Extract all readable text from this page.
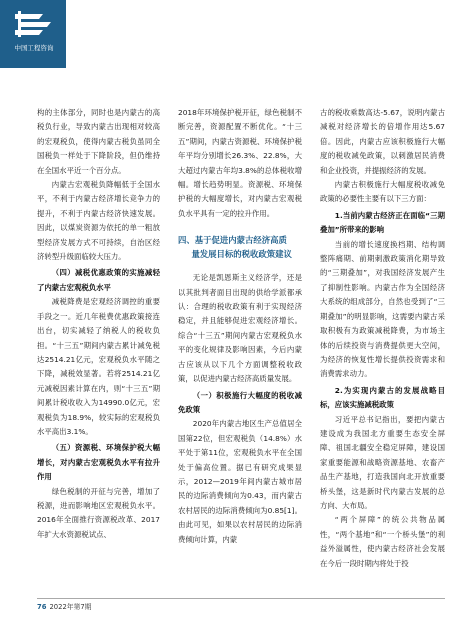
中国工程咨询

构的主体部分，同时也是内蒙古的高税负行业，导致内蒙古出现相对较高的宏观税负，使得内蒙古税负虽同全国税负一样处于下降阶段，但仍维持在全国水平近一个百分点。

内蒙古宏观税负降幅低于全国水平，不利于内蒙古经济增长竞争力的提升，不利于内蒙古经济快速发展。因此，以煤炭资源为依托的单一粗放型经济发展方式不可持续，自治区经济转型升级面临较大压力。

（四）减税优惠政策的实施减轻了内蒙古宏观税负水平

减税降费是宏观经济调控的重要手段之一。近几年税费优惠政策接连出台，切实减轻了纳税人的税收负担。“十三五”期间内蒙古累计减免税达2514.21亿元，宏观税负水平随之下降，减税效显著。若将2514.21亿元减税因素计算在内，则“十三五”期间累计税收收入为14990.0亿元，宏观税负为18.9%，较实际的宏观税负水平高出3.1%。

（五）资源税、环境保护税大幅增长，对内蒙古宏观税负水平有拉升作用

绿色税制的开征与完善，增加了税源，进而影响地区宏观税负水平。2016年全面推行资源税改革、2017年扩大水资源税试点、

2018年环境保护税开征，绿色税制不断完善，资源配置不断优化。“十三五”期间，内蒙古资源税、环境保护税年平均分别增长26.3%、22.8%，大大超过内蒙古年均3.8%的总体税收增幅。增长趋势明显。资源税、环境保护税的大幅度增长，对内蒙古宏观税负水平具有一定的拉升作用。

四、基于促进内蒙古经济高质
量发展目标的税收政策建议

无论是凯恩斯主义经济学，还是以其批判者面目出现的供给学派都承认：合理的税收政策有利于实现经济稳定，并且能够促进宏观经济增长。综合“十三五”期间内蒙古宏观税负水平的变化规律及影响因素，今后内蒙古应该从以下几个方面调整税收政策，以促进内蒙古经济高质量发展。

（一）积极施行大幅度的税收减免政策

2020年内蒙古地区生产总值居全国第22位，但宏观税负（14.8%）水平处于第11位，宏观税负水平在全国处于偏高位置。据已有研究成果显示，2012—2019年间内蒙古城市居民的边际消费倾向为0.43，而内蒙古农村居民的边际消费倾向为0.85[1]。由此可见，如果以农村居民的边际消费倾向计算，内蒙

古的税收乘数高达-5.67，说明内蒙古减税对经济增长的倍增作用达5.67倍。因此，内蒙古应该积极施行大幅度的税收减免政策，以刺激居民消费和企业投资，并提振经济的发展。

内蒙古积极施行大幅度税收减免政策的必要性主要有以下三方面：

1.当前内蒙古经济正在面临“三期叠加”所带来的影响

当前的增长速度换档期、结构调整阵痛期、前期刺激政策消化期导致的“三期叠加”，对我国经济发展产生了抑制性影响。内蒙古作为全国经济大系统的组成部分，自然也受到了“三期叠加”的明显影响，这需要内蒙古采取积极有为政策减税降费，为市场主体的后续投资与消费提供更大空间，为经济的恢复性增长提供投资需求和消费需求动力。

2.为实现内蒙古的发展战略目标，应该实施减税政策

习近平总书记指出，要把内蒙古建设成为我国北方重要生态安全屏障、祖国北疆安全稳定屏障，建设国家重要能源和战略资源基地、农畜产品生产基地，打造我国向北开放重要桥头堡，这是新时代内蒙古发展的总方向、大布局。

“两个屏障”的统公共物品属性，“两个基地”和“一个桥头堡”的利益外溢属性，使内蒙古经济社会发展在今后一段时期内将处于投

76 2022年第7期
